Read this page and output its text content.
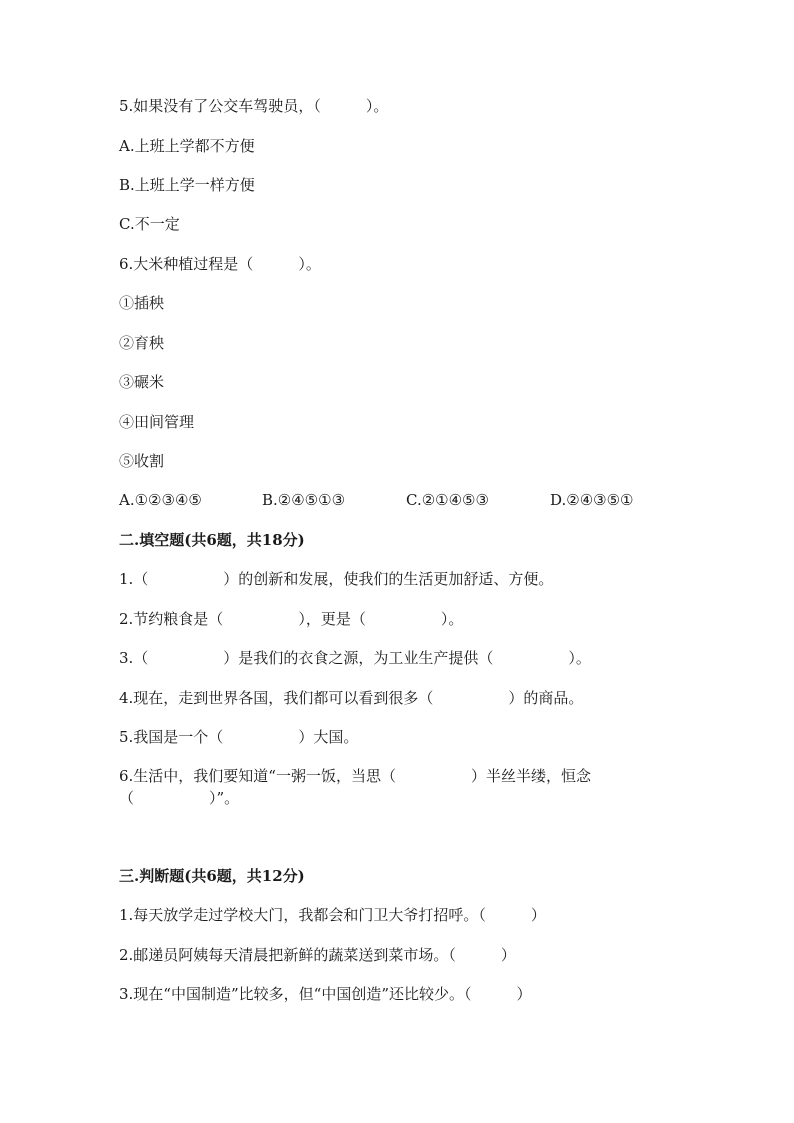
5.如果没有了公交车驾驶员，（　　　）。
A.上班上学都不方便
B.上班上学一样方便
C.不一定
6.大米种植过程是（　　　）。
①插秧
②育秧
③碾米
④田间管理
⑤收割
A.①②③④⑤	B.②④⑤①③	C.②①④⑤③	D.②④③⑤①
二.填空题(共6题，共18分)
1.（　　　　　）的创新和发展，使我们的生活更加舒适、方便。
2.节约粮食是（　　　　　），更是（　　　　　）。
3.（　　　　　）是我们的衣食之源，为工业生产提供（　　　　　）。
4.现在，走到世界各国，我们都可以看到很多（　　　　　）的商品。
5.我国是一个（　　　　　）大国。
6.生活中，我们要知道“一粥一饭，当思（　　　　　）半丝半缕，恒念
（　　　　　）”。
三.判断题(共6题，共12分)
1.每天放学走过学校大门，我都会和门卫大爷打招呼。（　　　）
2.邮递员阿姨每天清晨把新鲜的蔬菜送到菜市场。（　　　）
3.现在“中国制造”比较多，但“中国创造”还比较少。（　　　）
